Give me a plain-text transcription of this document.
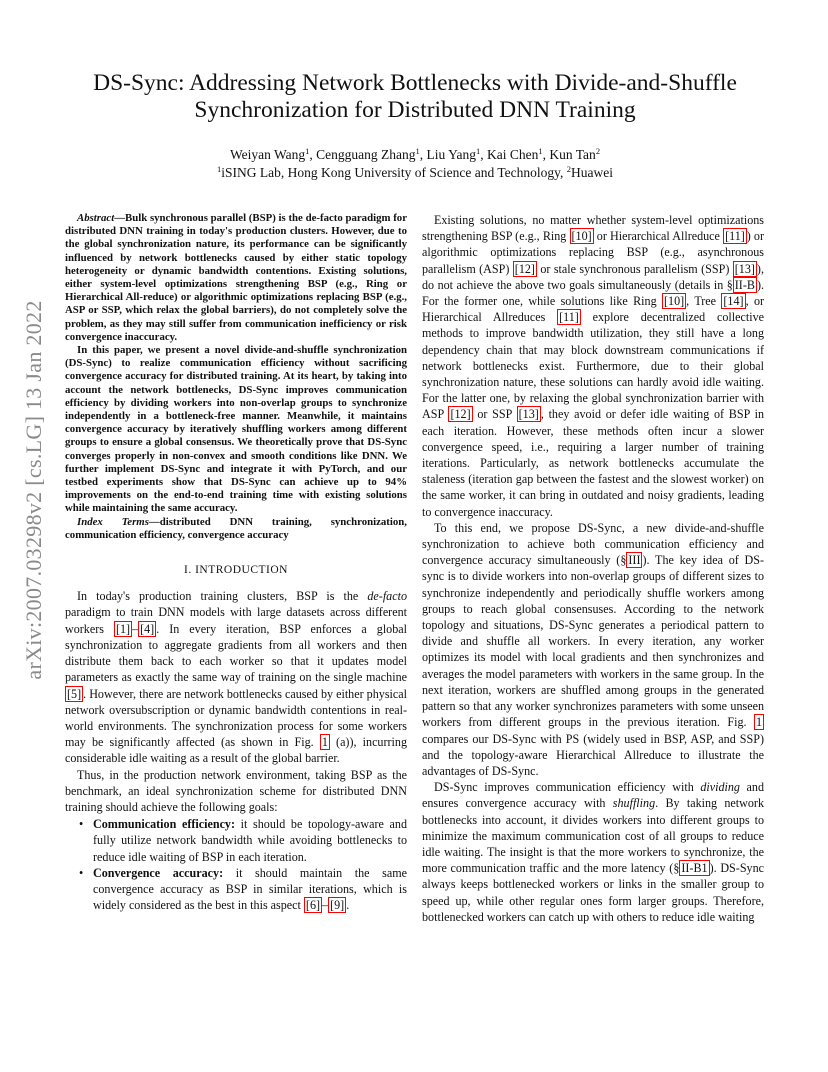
arXiv:2007.03298v2 [cs.LG] 13 Jan 2022
DS-Sync: Addressing Network Bottlenecks with Divide-and-Shuffle
Synchronization for Distributed DNN Training
Weiyan Wang$^1$, Cengguang Zhang$^1$, Liu Yang$^1$, Kai Chen$^1$, Kun Tan$^2$
$^1$iSING Lab, Hong Kong University of Science and Technology, $^2$Huawei

Abstract—Bulk synchronous parallel (BSP) is the de-facto paradigm for distributed DNN training in today's production clusters. However, due to the global synchronization nature, its performance can be significantly influenced by network bottlenecks caused by either static topology heterogeneity or dynamic bandwidth contentions. Existing solutions, either system-level optimizations strengthening BSP (e.g., Ring or Hierarchical All-reduce) or algorithmic optimizations replacing BSP (e.g., ASP or SSP, which relax the global barriers), do not completely solve the problem, as they may still suffer from communication inefficiency or risk convergence inaccuracy.

In this paper, we present a novel divide-and-shuffle synchronization (DS-Sync) to realize communication efficiency without sacrificing convergence accuracy for distributed training. At its heart, by taking into account the network bottlenecks, DS-Sync improves communication efficiency by dividing workers into non-overlap groups to synchronize independently in a bottleneck-free manner. Meanwhile, it maintains convergence accuracy by iteratively shuffling workers among different groups to ensure a global consensus. We theoretically prove that DS-Sync converges properly in non-convex and smooth conditions like DNN. We further implement DS-Sync and integrate it with PyTorch, and our testbed experiments show that DS-Sync can achieve up to 94% improvements on the end-to-end training time with existing solutions while maintaining the same accuracy.

Index Terms—distributed DNN training, synchronization, communication efficiency, convergence accuracy

I. INTRODUCTION

In today's production training clusters, BSP is the de-facto paradigm to train DNN models with large datasets across different workers [1] – [4] . In every iteration, BSP enforces a global synchronization to aggregate gradients from all workers and then distribute them back to each worker so that it updates model parameters as exactly the same way of training on the single machine [5] . However, there are network bottlenecks caused by either physical network oversubscription or dynamic bandwidth contentions in real-world environments. The synchronization process for some workers may be significantly affected (as shown in Fig. 1 (a)), incurring considerable idle waiting as a result of the global barrier.

Thus, in the production network environment, taking BSP as the benchmark, an ideal synchronization scheme for distributed DNN training should achieve the following goals:

• Communication efficiency: it should be topology-aware and fully utilize network bandwidth while avoiding bottlenecks to reduce idle waiting of BSP in each iteration.
• Convergence accuracy: it should maintain the same convergence accuracy as BSP in similar iterations, which is widely considered as the best in this aspect [6] – [9] .

Existing solutions, no matter whether system-level optimizations strengthening BSP (e.g., Ring [10] or Hierarchical Allreduce [11] ) or algorithmic optimizations replacing BSP (e.g., asynchronous parallelism (ASP) [12] or stale synchronous parallelism (SSP) [13] ), do not achieve the above two goals simultaneously (details in § II-B ). For the former one, while solutions like Ring [10] , Tree [14] , or Hierarchical Allreduces [11] explore decentralized collective methods to improve bandwidth utilization, they still have a long dependency chain that may block downstream communications if network bottlenecks exist. Furthermore, due to their global synchronization nature, these solutions can hardly avoid idle waiting. For the latter one, by relaxing the global synchronization barrier with ASP [12] or SSP [13] , they avoid or defer idle waiting of BSP in each iteration. However, these methods often incur a slower convergence speed, i.e., requiring a larger number of training iterations. Particularly, as network bottlenecks accumulate the staleness (iteration gap between the fastest and the slowest worker) on the same worker, it can bring in outdated and noisy gradients, leading to convergence inaccuracy.

To this end, we propose DS-Sync, a new divide-and-shuffle synchronization to achieve both communication efficiency and convergence accuracy simultaneously (§ III ). The key idea of DS-sync is to divide workers into non-overlap groups of different sizes to synchronize independently and periodically shuffle workers among groups to reach global consensuses. According to the network topology and situations, DS-Sync generates a periodical pattern to divide and shuffle all workers. In every iteration, any worker optimizes its model with local gradients and then synchronizes and averages the model parameters with workers in the same group. In the next iteration, workers are shuffled among groups in the generated pattern so that any worker synchronizes parameters with some unseen workers from different groups in the previous iteration. Fig. 1 compares our DS-Sync with PS (widely used in BSP, ASP, and SSP) and the topology-aware Hierarchical Allreduce to illustrate the advantages of DS-Sync.

DS-Sync improves communication efficiency with dividing and ensures convergence accuracy with shuffling. By taking network bottlenecks into account, it divides workers into different groups to minimize the maximum communication cost of all groups to reduce idle waiting. The insight is that the more workers to synchronize, the more communication traffic and the more latency (§ II-B1 ). DS-Sync always keeps bottlenecked workers or links in the smaller group to speed up, while other regular ones form larger groups. Therefore, bottlenecked workers can catch up with others to reduce idle waiting
